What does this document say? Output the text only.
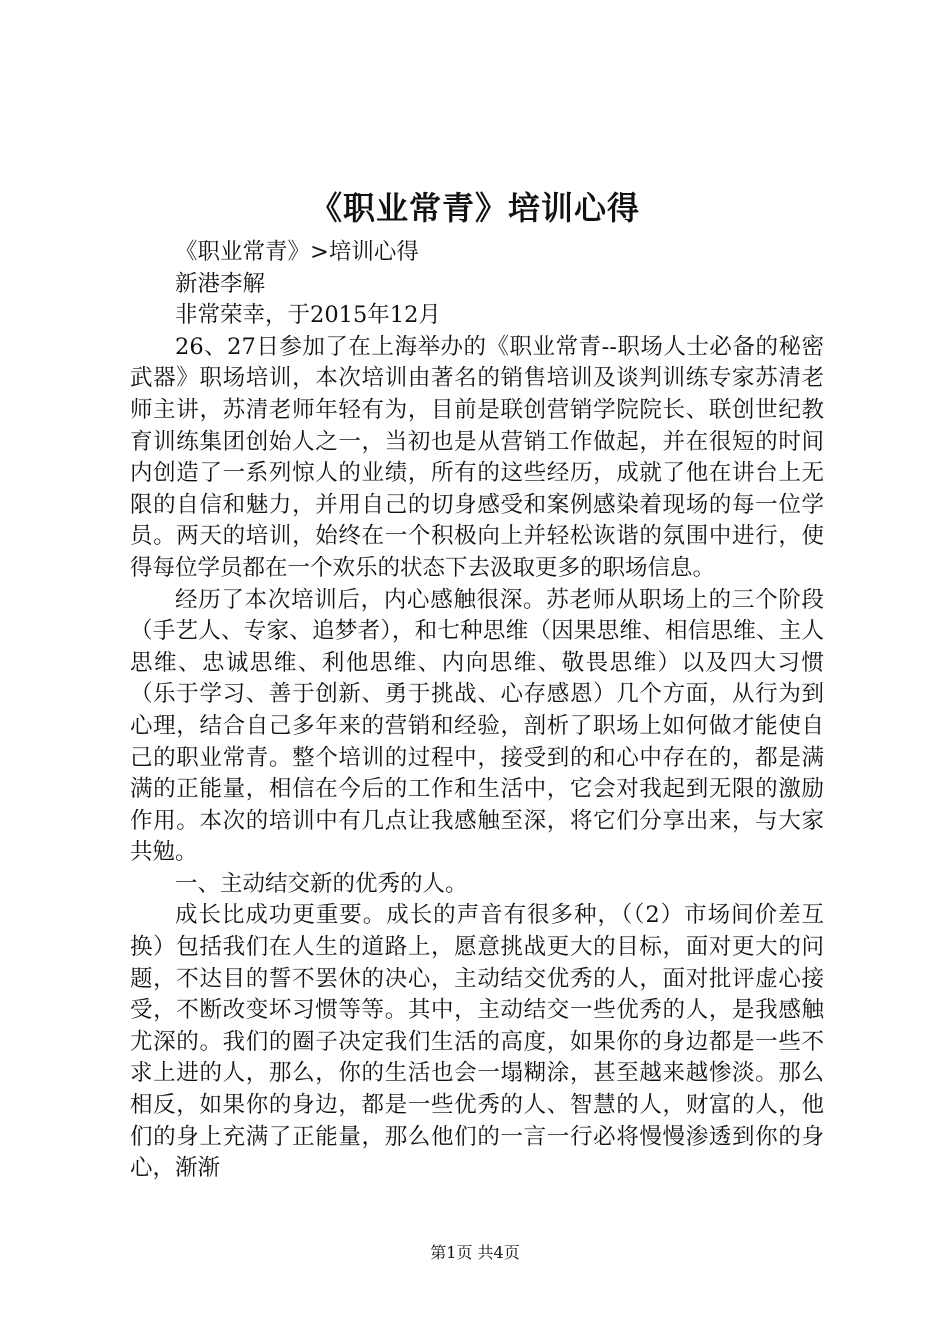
《职业常青》培训心得

《职业常青》>培训心得

新港李解

非常荣幸，于2015年12月

26、27日参加了在上海举办的《职业常青--职场人士必备的秘密武器》职场培训，本次培训由著名的销售培训及谈判训练专家苏清老师主讲，苏清老师年轻有为，目前是联创营销学院院长、联创世纪教育训练集团创始人之一，当初也是从营销工作做起，并在很短的时间内创造了一系列惊人的业绩，所有的这些经历，成就了他在讲台上无限的自信和魅力，并用自己的切身感受和案例感染着现场的每一位学员。两天的培训，始终在一个积极向上并轻松诙谐的氛围中进行，使得每位学员都在一个欢乐的状态下去汲取更多的职场信息。

经历了本次培训后，内心感触很深。苏老师从职场上的三个阶段（手艺人、专家、追梦者），和七种思维（因果思维、相信思维、主人思维、忠诚思维、利他思维、内向思维、敬畏思维）以及四大习惯（乐于学习、善于创新、勇于挑战、心存感恩）几个方面，从行为到心理，结合自己多年来的营销和经验，剖析了职场上如何做才能使自己的职业常青。整个培训的过程中，接受到的和心中存在的，都是满满的正能量，相信在今后的工作和生活中，它会对我起到无限的激励作用。本次的培训中有几点让我感触至深，将它们分享出来，与大家共勉。

一、主动结交新的优秀的人。

成长比成功更重要。成长的声音有很多种，（（2）市场间价差互换）包括我们在人生的道路上，愿意挑战更大的目标，面对更大的问题，不达目的誓不罢休的决心，主动结交优秀的人，面对批评虚心接受，不断改变坏习惯等等。其中，主动结交一些优秀的人，是我感触尤深的。我们的圈子决定我们生活的高度，如果你的身边都是一些不求上进的人，那么，你的生活也会一塌糊涂，甚至越来越惨淡。那么相反，如果你的身边，都是一些优秀的人、智慧的人，财富的人，他们的身上充满了正能量，那么他们的一言一行必将慢慢渗透到你的身心，渐渐

第1页 共4页
